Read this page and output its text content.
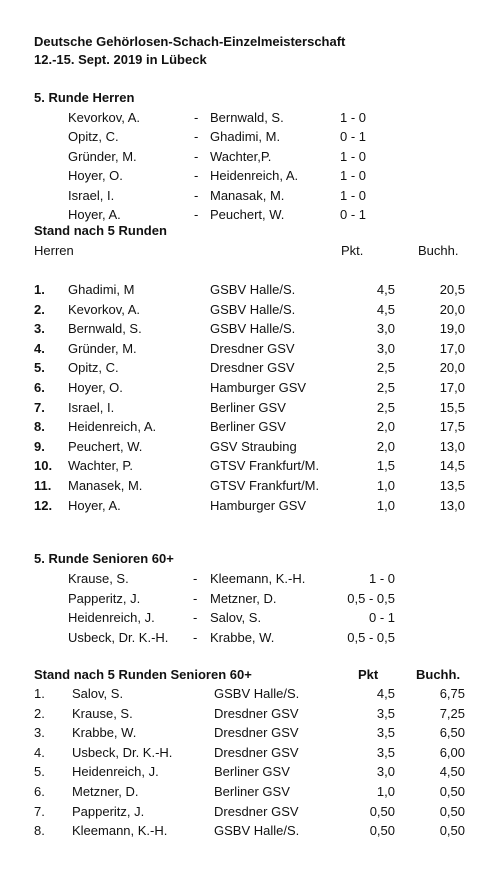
Deutsche Gehörlosen-Schach-Einzelmeisterschaft
12.-15. Sept. 2019 in Lübeck
5. Runde Herren
Kevorkov, A.	- Bernwald, S.	1 - 0
Opitz, C.	- Ghadimi, M.	0 - 1
Gründer, M.	- Wachter,P.	1 - 0
Hoyer, O.	- Heidenreich, A.	1 - 0
Israel, I.	- Manasak, M.	1 - 0
Hoyer, A.	- Peuchert, W.	0 - 1
Stand nach 5 Runden
Herren	Pkt.	Buchh.
1. Ghadimi, M	GSBV Halle/S.	4,5	20,5
2. Kevorkov, A.	GSBV Halle/S.	4,5	20,0
3. Bernwald, S.	GSBV Halle/S.	3,0	19,0
4. Gründer, M.	Dresdner GSV	3,0	17,0
5. Opitz, C.	Dresdner GSV	2,5	20,0
6. Hoyer, O.	Hamburger GSV	2,5	17,0
7. Israel, I.	Berliner GSV	2,5	15,5
8. Heidenreich, A.	Berliner GSV	2,0	17,5
9. Peuchert, W.	GSV Straubing	2,0	13,0
10. Wachter, P.	GTSV Frankfurt/M.	1,5	14,5
11. Manasek, M.	GTSV Frankfurt/M.	1,0	13,5
12. Hoyer, A.	Hamburger GSV	1,0	13,0
5. Runde Senioren 60+
Krause, S.	- Kleemann, K.-H.	1 - 0
Papperitz, J.	- Metzner, D.	0,5 - 0,5
Heidenreich, J.	- Salov, S.	0 - 1
Usbeck, Dr. K.-H. - Krabbe, W.	0,5 - 0,5
Stand nach 5 Runden Senioren 60+	Pkt	Buchh.
1. Salov, S.	GSBV Halle/S.	4,5	6,75
2. Krause, S.	Dresdner GSV	3,5	7,25
3. Krabbe, W.	Dresdner GSV	3,5	6,50
4. Usbeck, Dr. K.-H.	Dresdner GSV	3,5	6,00
5. Heidenreich, J.	Berliner GSV	3,0	4,50
6. Metzner, D.	Berliner GSV	1,0	0,50
7. Papperitz, J.	Dresdner GSV	0,50	0,50
8. Kleemann, K.-H.	GSBV Halle/S.	0,50	0,50
